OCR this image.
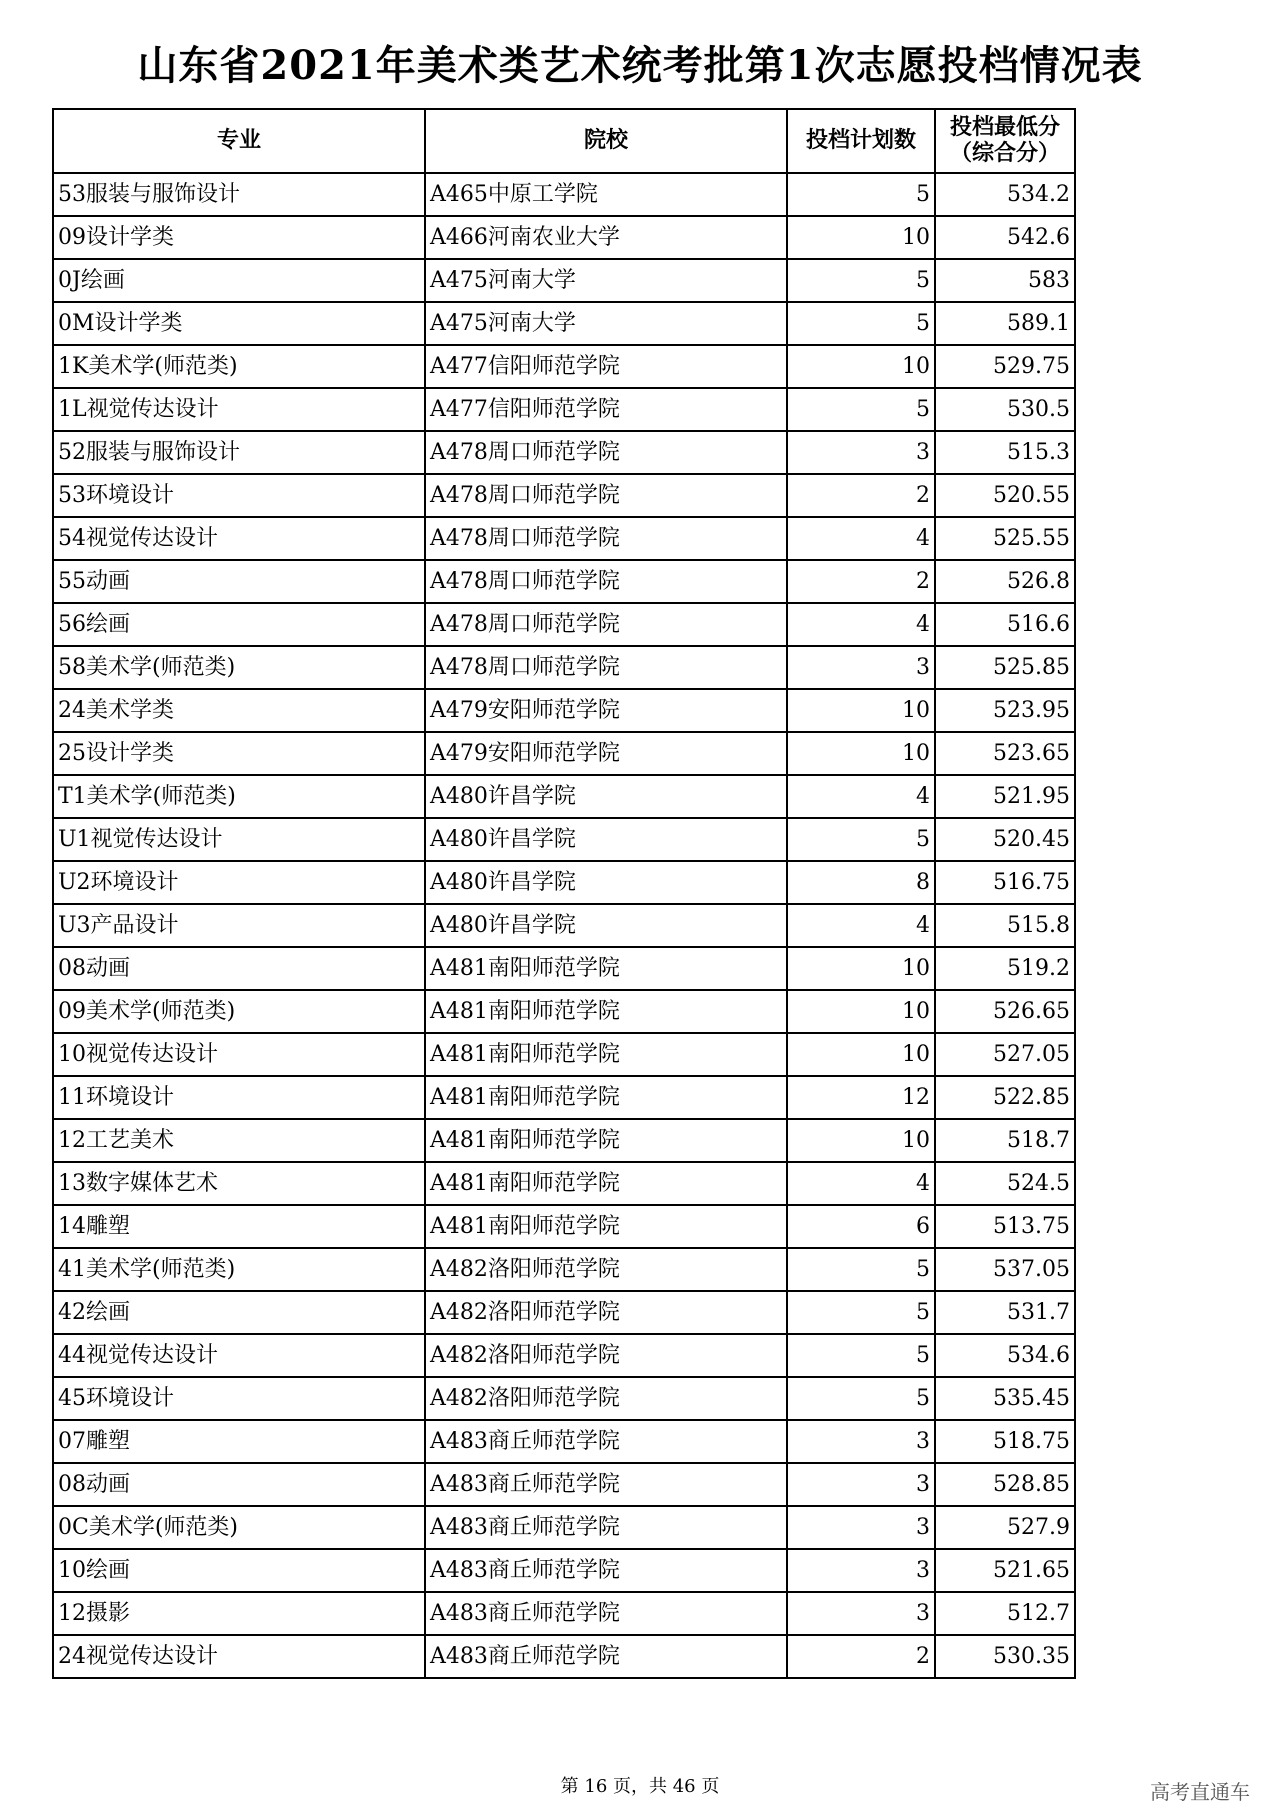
山东省2021年美术类艺术统考批第1次志愿投档情况表
专业	院校	投档计划数	投档最低分
（综合分）

53服装与服饰设计	A465中原工学院	5	534.2
09设计学类	A466河南农业大学	10	542.6
0J绘画	A475河南大学	5	583
0M设计学类	A475河南大学	5	589.1
1K美术学(师范类)	A477信阳师范学院	10	529.75
1L视觉传达设计	A477信阳师范学院	5	530.5
52服装与服饰设计	A478周口师范学院	3	515.3
53环境设计	A478周口师范学院	2	520.55
54视觉传达设计	A478周口师范学院	4	525.55
55动画	A478周口师范学院	2	526.8
56绘画	A478周口师范学院	4	516.6
58美术学(师范类)	A478周口师范学院	3	525.85
24美术学类	A479安阳师范学院	10	523.95
25设计学类	A479安阳师范学院	10	523.65
T1美术学(师范类)	A480许昌学院	4	521.95
U1视觉传达设计	A480许昌学院	5	520.45
U2环境设计	A480许昌学院	8	516.75
U3产品设计	A480许昌学院	4	515.8
08动画	A481南阳师范学院	10	519.2
09美术学(师范类)	A481南阳师范学院	10	526.65
10视觉传达设计	A481南阳师范学院	10	527.05
11环境设计	A481南阳师范学院	12	522.85
12工艺美术	A481南阳师范学院	10	518.7
13数字媒体艺术	A481南阳师范学院	4	524.5
14雕塑	A481南阳师范学院	6	513.75
41美术学(师范类)	A482洛阳师范学院	5	537.05
42绘画	A482洛阳师范学院	5	531.7
44视觉传达设计	A482洛阳师范学院	5	534.6
45环境设计	A482洛阳师范学院	5	535.45
07雕塑	A483商丘师范学院	3	518.75
08动画	A483商丘师范学院	3	528.85
0C美术学(师范类)	A483商丘师范学院	3	527.9
10绘画	A483商丘师范学院	3	521.65
12摄影	A483商丘师范学院	3	512.7
24视觉传达设计	A483商丘师范学院	2	530.35
第 16 页，共 46 页	高考直通车
